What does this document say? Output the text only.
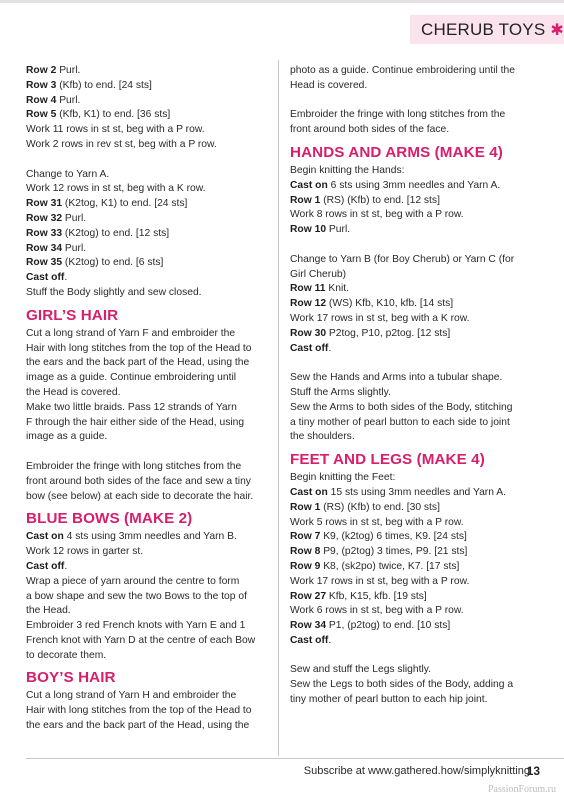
CHERUB TOYS ✱

Row 2 Purl.

Row 3 (Kfb) to end. [24 sts]

Row 4 Purl.

Row 5 (Kfb, K1) to end. [36 sts]

Work 11 rows in st st, beg with a P row.

Work 2 rows in rev st st, beg with a P row.

Change to Yarn A.

Work 12 rows in st st, beg with a K row.

Row 31 (K2tog, K1) to end. [24 sts]

Row 32 Purl.

Row 33 (K2tog) to end. [12 sts]

Row 34 Purl.

Row 35 (K2tog) to end. [6 sts]

Cast off.

Stuff the Body slightly and sew closed.

GIRL’S HAIR

Cut a long strand of Yarn F and embroider the

Hair with long stitches from the top of the Head to

the ears and the back part of the Head, using the

image as a guide. Continue embroidering until

the Head is covered.

Make two little braids. Pass 12 strands of Yarn

F through the hair either side of the Head, using

image as a guide.

Embroider the fringe with long stitches from the

front around both sides of the face and sew a tiny

bow (see below) at each side to decorate the hair.

BLUE BOWS (MAKE 2)

Cast on 4 sts using 3mm needles and Yarn B.

Work 12 rows in garter st.

Cast off.

Wrap a piece of yarn around the centre to form

a bow shape and sew the two Bows to the top of

the Head.

Embroider 3 red French knots with Yarn E and 1

French knot with Yarn D at the centre of each Bow

to decorate them.

BOY’S HAIR

Cut a long strand of Yarn H and embroider the

Hair with long stitches from the top of the Head to

the ears and the back part of the Head, using the

photo as a guide. Continue embroidering until the

Head is covered.

Embroider the fringe with long stitches from the

front around both sides of the face.

HANDS AND ARMS (MAKE 4)

Begin knitting the Hands:

Cast on 6 sts using 3mm needles and Yarn A.

Row 1 (RS) (Kfb) to end. [12 sts]

Work 8 rows in st st, beg with a P row.

Row 10 Purl.

Change to Yarn B (for Boy Cherub) or Yarn C (for

Girl Cherub)

Row 11 Knit.

Row 12 (WS) Kfb, K10, kfb. [14 sts]

Work 17 rows in st st, beg with a K row.

Row 30 P2tog, P10, p2tog. [12 sts]

Cast off.

Sew the Hands and Arms into a tubular shape.

Stuff the Arms slightly.

Sew the Arms to both sides of the Body, stitching

a tiny mother of pearl button to each side to joint

the shoulders.

FEET AND LEGS (MAKE 4)

Begin knitting the Feet:

Cast on 15 sts using 3mm needles and Yarn A.

Row 1 (RS) (Kfb) to end. [30 sts]

Work 5 rows in st st, beg with a P row.

Row 7 K9, (k2tog) 6 times, K9. [24 sts]

Row 8 P9, (p2tog) 3 times, P9. [21 sts]

Row 9 K8, (sk2po) twice, K7. [17 sts]

Work 17 rows in st st, beg with a P row.

Row 27 Kfb, K15, kfb. [19 sts]

Work 6 rows in st st, beg with a P row.

Row 34 P1, (p2tog) to end. [10 sts]

Cast off.

Sew and stuff the Legs slightly.

Sew the Legs to both sides of the Body, adding a

tiny mother of pearl button to each hip joint.

Subscribe at www.gathered.how/simplyknitting
13
PassionForum.ru
